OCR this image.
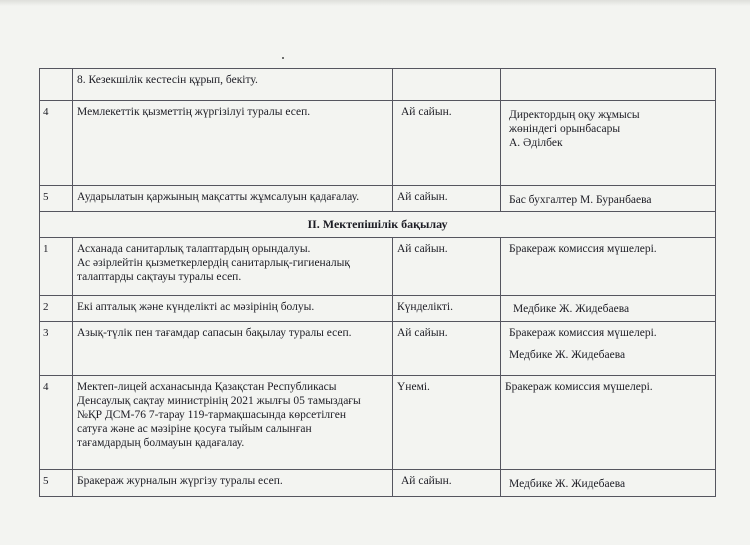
	8. Кезекшілік кестесін құрып, бекіту.		

4	Мемлекеттік қызметтің жүргізілуі туралы есеп.	Ай сайын.	Директордың оқу жұмысы
жөніндегі орынбасары
А. Әділбек

5	Аударылатын қаржының мақсатты жұмсалуын қадағалау.	Ай сайын.	Бас бухгалтер М. Буранбаева

II. Мектепішілік бақылау			
1	Асханада санитарлық талаптардың орындалуы.
Ас әзірлейтін қызметкерлердің санитарлық-гигиеналық
талаптарды сақтауы туралы есеп.	Ай сайын.	Бракераж комиссия мүшелері.

2	Екі апталық және күнделікті ас мәзірінің болуы.	Күнделікті.	Медбике Ж. Жидебаева

3	Азық-түлік пен тағамдар сапасын бақылау туралы есеп.	Ай сайын.	Бракераж комиссия мүшелері.
Медбике Ж. Жидебаева

4	Мектеп-лицей асханасында Қазақстан Республикасы
Денсаулық сақтау министрінің 2021 жылғы 05 тамыздағы
№ҚР ДСМ-76 7-тарау 119-тармақшасында көрсетілген
сатуға және ас мәзіріне қосуға тыйым салынған
тағамдардың болмауын қадағалау.	Үнемі.	Бракераж комиссия мүшелері.

5	Бракераж журналын жүргізу туралы есеп.	Ай сайын.	Медбике Ж. Жидебаева
